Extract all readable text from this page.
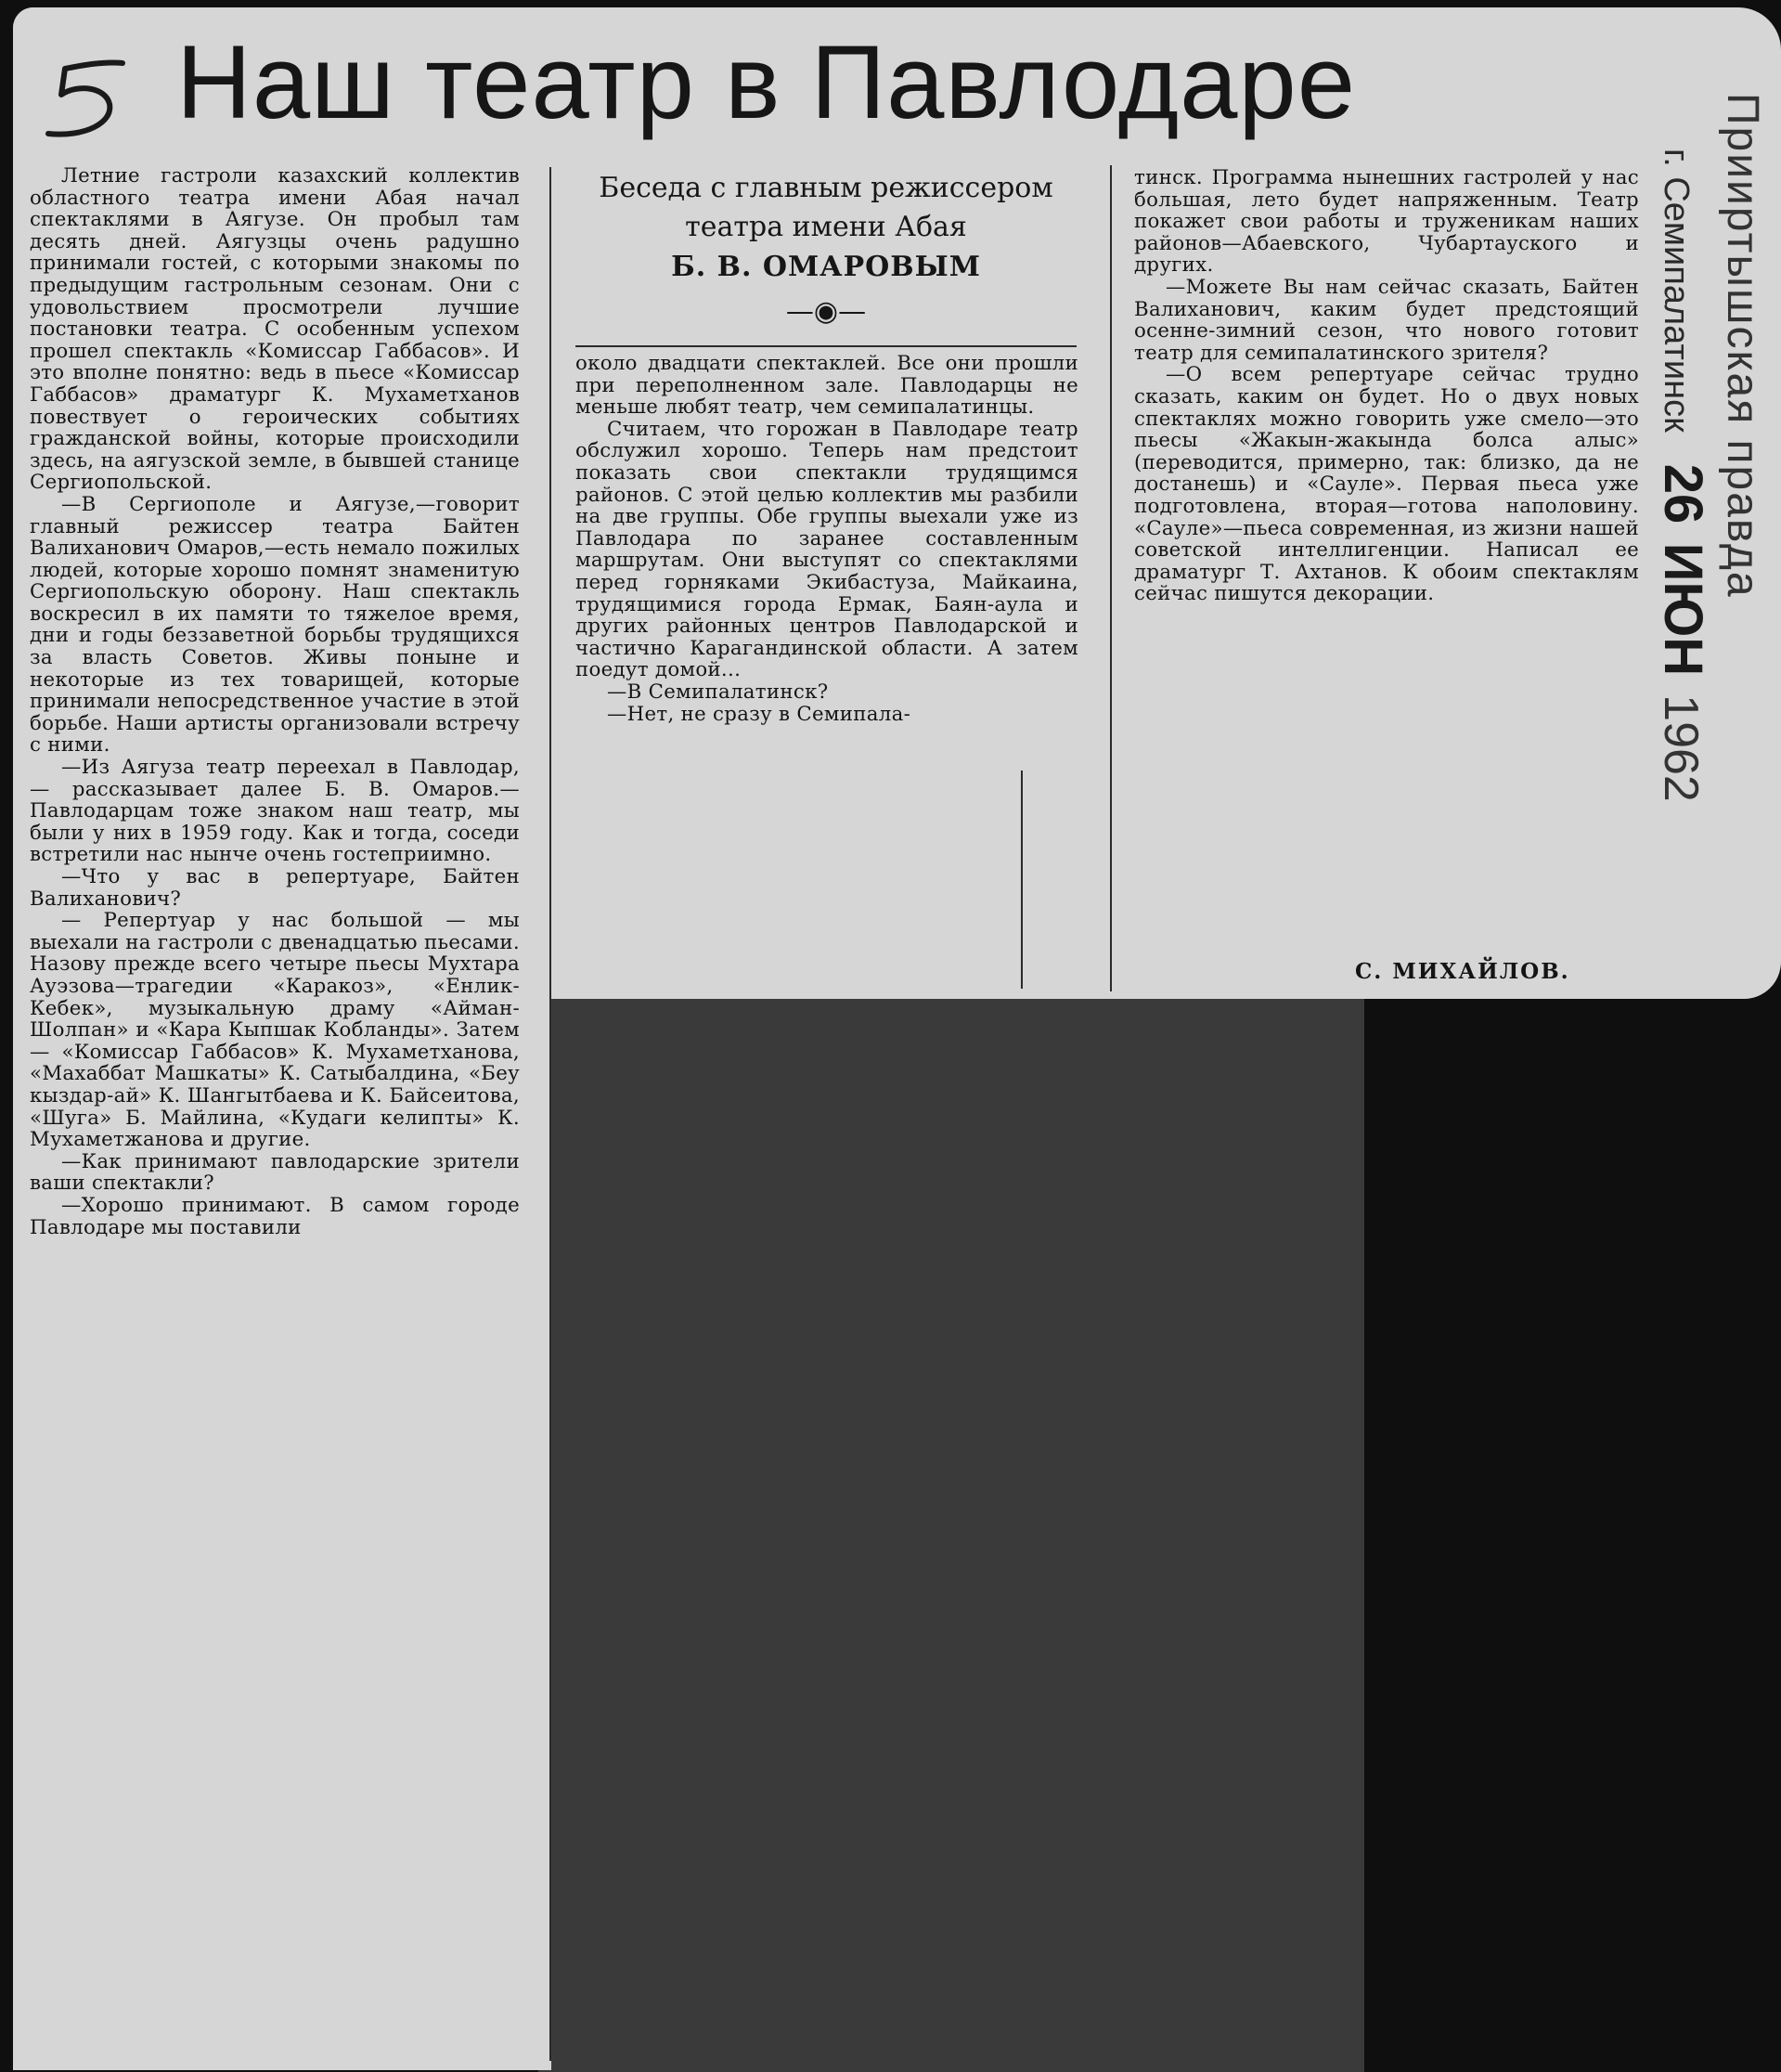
Наш театр в Павлодаре
Беседа с главным режиссером
театра имени Абая
Б. В. ОМАРОВЫМ
—◉—

Летние гастроли казахский коллектив областного театра имени Абая начал спектаклями в Аягузе. Он пробыл там десять дней. Аягузцы очень радушно принимали гостей, с которыми знакомы по предыдущим гастрольным сезонам. Они с удовольствием просмотрели лучшие постановки театра. С особенным успехом прошел спектакль «Комиссар Габбасов». И это вполне понятно: ведь в пьесе «Комиссар Габбасов» драматург К. Мухаметханов повествует о героических событиях гражданской войны, которые происходили здесь, на аягузской земле, в бывшей станице Сергиопольской.

—В Сергиополе и Аягузе,—говорит главный режиссер театра Байтен Валиханович Омаров,—есть немало пожилых людей, которые хорошо помнят знаменитую Сергиопольскую оборону. Наш спектакль воскресил в их памяти то тяжелое время, дни и годы беззаветной борьбы трудящихся за власть Советов. Живы поныне и некоторые из тех товарищей, которые принимали непосредственное участие в этой борьбе. Наши артисты организовали встречу с ними.

—Из Аягуза театр переехал в Павлодар, — рассказывает далее Б. В. Омаров.—Павлодарцам тоже знаком наш театр, мы были у них в 1959 году. Как и тогда, соседи встретили нас нынче очень гостеприимно.

—Что у вас в репертуаре, Байтен Валиханович?

— Репертуар у нас большой — мы выехали на гастроли с двенадцатью пьесами. Назову прежде всего четыре пьесы Мухтара Ауэзова—трагедии «Каракоз», «Енлик-Кебек», музыкальную драму «Айман-Шолпан» и «Кара Кыпшак Кобланды». Затем — «Комиссар Габбасов» К. Мухаметханова, «Махаббат Машкаты» К. Сатыбалдина, «Беу кыздар-ай» К. Шангытбаева и К. Байсеитова, «Шуга» Б. Майлина, «Кудаги келипты» К. Мухаметжанова и другие.

—Как принимают павлодарские зрители ваши спектакли?

—Хорошо принимают. В самом городе Павлодаре мы поставили

около двадцати спектаклей. Все они прошли при переполненном зале. Павлодарцы не меньше любят театр, чем семипалатинцы.

Считаем, что горожан в Павлодаре театр обслужил хорошо. Теперь нам предстоит показать свои спектакли трудящимся районов. С этой целью коллектив мы разбили на две группы. Обе группы выехали уже из Павлодара по заранее составленным маршрутам. Они выступят со спектаклями перед горняками Экибастуза, Майкаина, трудящимися города Ермак, Баян-аула и других районных центров Павлодарской и частично Карагандинской области. А затем поедут домой...

—В Семипалатинск?

—Нет, не сразу в Семипала-

тинск. Программа нынешних гастролей у нас большая, лето будет напряженным. Театр покажет свои работы и труженикам наших районов—Абаевского, Чубартауского и других.

—Можете Вы нам сейчас сказать, Байтен Валиханович, каким будет предстоящий осенне-зимний сезон, что нового готовит театр для семипалатинского зрителя?

—О всем репертуаре сейчас трудно сказать, каким он будет. Но о двух новых спектаклях можно говорить уже смело—это пьесы «Жакын-жакында болса алыс» (переводится, примерно, так: близко, да не достанешь) и «Сауле». Первая пьеса уже подготовлена, вторая—готова наполовину. «Сауле»—пьеса современная, из жизни нашей советской интеллигенции. Написал ее драматург Т. Ахтанов. К обоим спектаклям сейчас пишутся декорации.

С. МИХАЙЛОВ.
Прииртышская правда
г. Семипалатинск26 ИЮН1962
